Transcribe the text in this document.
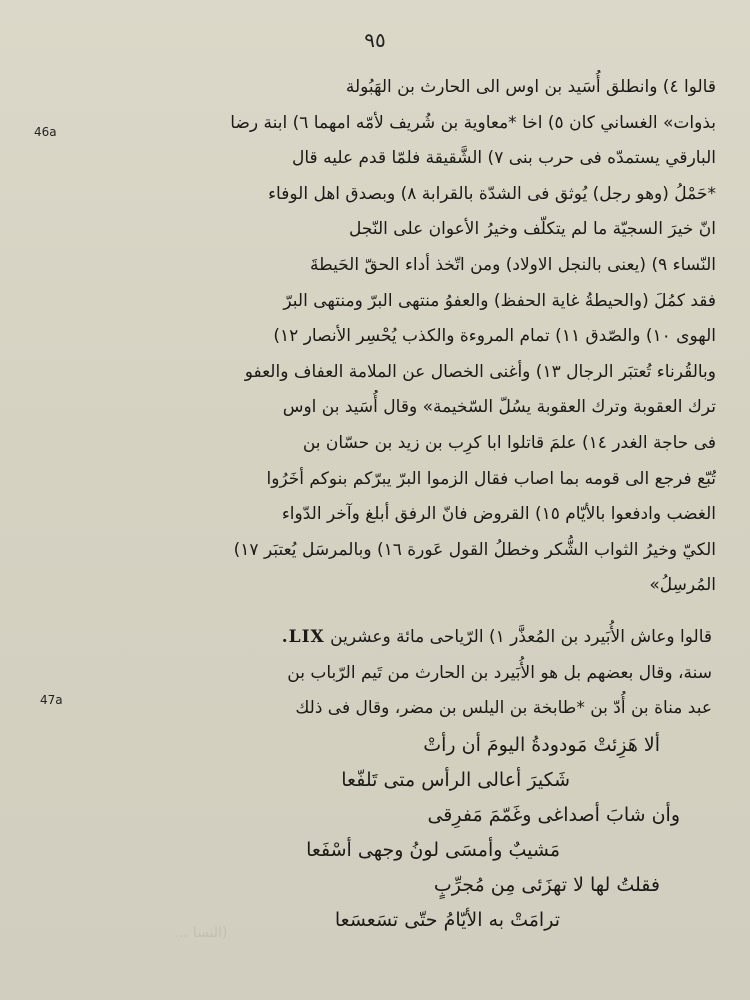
٩٥
46a
قالوا ٤) وانطلق أُسَيد بن اوس الى الحارث بن الهَبُولة
بذوات» الغساني كان ٥) اخا *معاوية بن شُريف لأمّه امهما ٦) ابنة رضا
البارقي يستمدّه فى حرب بنى ٧) الشَّقيقة فلمّا قدم عليه قال
*حَمْلُ (وهو رجل) يُوثق فى الشدّة بالقرابة ٨) وبصدق اهل الوفاء
انّ خيرَ السجيّة ما لم يتكلّف وخيرُ الأعوان على النّجل
النّساء ٩) (يعنى بالنجل الاولاد) ومن اتّخذ أداء الحقّ الحَيطةَ
فقد كمُلَ (والحيطةُ غاية الحفظ) والعفوُ منتهى البرّ ومنتهى البرّ
الهوى ١٠) والصّدق ١١) تمام المروءة والكذب يُحْسِر الأنصار ١٢)
وبالقُرناء تُعتبَر الرجال ١٣) وأغنى الخصال عن الملامة العفاف والعفو
ترك العقوبة وترك العقوبة يسُلّ السّخيمة» وقال أُسَيد بن اوس
فى حاجة الغدر ١٤) علمَ قاتلوا ابا كرِب بن زيد بن حسّان بن
تُبّع فرجع الى قومه بما اصاب فقال الزموا البرّ يبرّكم بنوكم أخَرُوا
الغضب وادفعوا بالأيّام ١٥) القروض فانّ الرفق أبلغ وآخر الدّواء
الكيّ وخيرُ الثواب الشُّكر وخطلُ القول عَورة ١٦) وبالمرسَل يُعتبَر ١٧)
المُرسِلُ»
قالوا وعاش الأُبَيرد بن المُعذَّر ١) الرّياحى مائة وعشرين LIX.
سنة، وقال بعضهم بل هو الأُبَيرد بن الحارث من تَيم الرّباب بن
عبد مناة بن أُدّ بن *طابخة بن اليلس بن مضر، وقال فى ذلك
47a
ألا هَزِئتْ مَودودةُ اليومَ أن رأتْ
شَكيرَ أعالى الرأس متى تَلفّعا
وأن شابَ أصداغى وغَمّمَ مَفرِقى
مَشيبٌ وأمسَى لونُ وجهى أسْفَعا
فقلتُ لها لا تهزَئى مِن مُجرِّبٍ
ترامَتْ به الأيّامُ حتّى تسَعسَعا
(النسا ...
